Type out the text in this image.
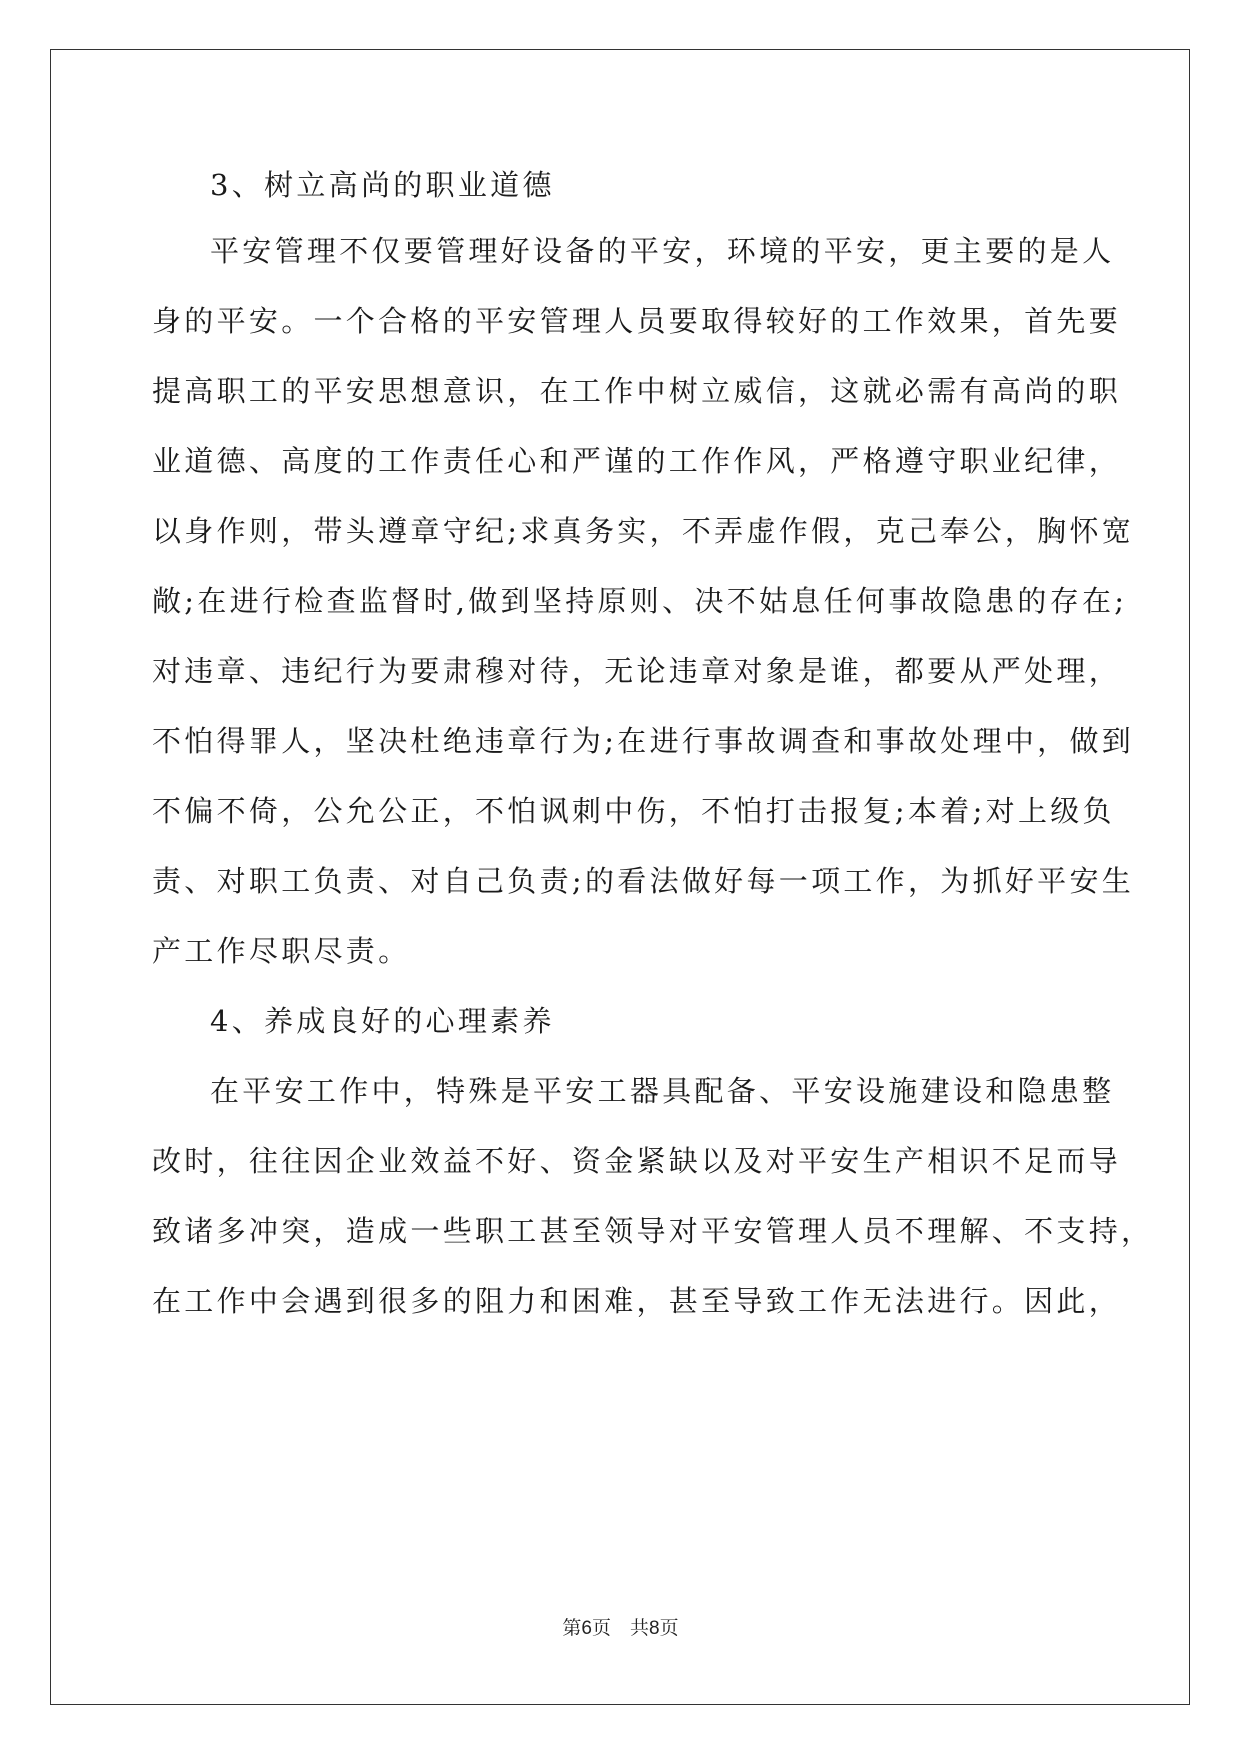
3、树立高尚的职业道德
平安管理不仅要管理好设备的平安，环境的平安，更主要的是人
身的平安。一个合格的平安管理人员要取得较好的工作效果，首先要
提高职工的平安思想意识，在工作中树立威信，这就必需有高尚的职
业道德、高度的工作责任心和严谨的工作作风，严格遵守职业纪律，
以身作则，带头遵章守纪;求真务实，不弄虚作假，克己奉公，胸怀宽
敞;在进行检查监督时,做到坚持原则、决不姑息任何事故隐患的存在;
对违章、违纪行为要肃穆对待，无论违章对象是谁，都要从严处理，
不怕得罪人，坚决杜绝违章行为;在进行事故调查和事故处理中，做到
不偏不倚，公允公正，不怕讽刺中伤，不怕打击报复;本着;对上级负
责、对职工负责、对自己负责;的看法做好每一项工作，为抓好平安生
产工作尽职尽责。
4、养成良好的心理素养
在平安工作中，特殊是平安工器具配备、平安设施建设和隐患整
改时，往往因企业效益不好、资金紧缺以及对平安生产相识不足而导
致诸多冲突，造成一些职工甚至领导对平安管理人员不理解、不支持，
在工作中会遇到很多的阻力和困难，甚至导致工作无法进行。因此，
第6页　共8页
